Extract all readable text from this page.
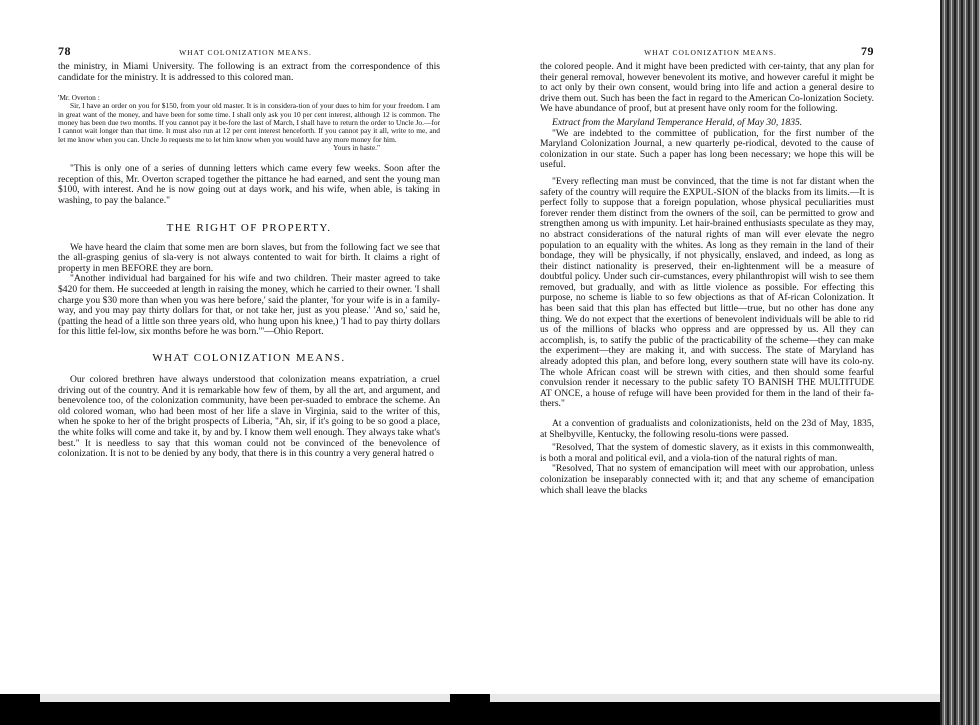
78	WHAT COLONIZATION MEANS.

the ministry, in Miami University. The following is an extract from the correspondence of this candidate for the ministry. It is addressed to this colored man.

'Mr. Overton :

Sir, I have an order on you for $150, from your old master. It is in considera-tion of your dues to him for your freedom. I am in great want of the money, and have been for some time. I shall only ask you 10 per cent interest, although 12 is common. The money has been due two months. If you cannot pay it be-fore the last of March, I shall have to return the order to Uncle Jo.—for I cannot wait longer than that time. It must also run at 12 per cent interest henceforth. If you cannot pay it all, write to me, and let me know when you can. Uncle Jo requests me to let him know when you would have any more money for him.

Yours in haste."

"This is only one of a series of dunning letters which came every few weeks. Soon after the reception of this, Mr. Overton scraped together the pittance he had earned, and sent the young man $100, with interest. And he is now going out at days work, and his wife, when able, is taking in washing, to pay the balance."

THE RIGHT OF PROPERTY.

We have heard the claim that some men are born slaves, but from the following fact we see that the all-grasping genius of sla-very is not always contented to wait for birth. It claims a right of property in men BEFORE they are born.

"Another individual had bargained for his wife and two children. Their master agreed to take $420 for them. He succeeded at length in raising the money, which he carried to their owner. 'I shall charge you $30 more than when you was here before,' said the planter, 'for your wife is in a family-way, and you may pay thirty dollars for that, or not take her, just as you please.' 'And so,' said he, (patting the head of a little son three years old, who hung upon his knee,) 'I had to pay thirty dollars for this little fel-low, six months before he was born.'"—Ohio Report.

WHAT COLONIZATION MEANS.

Our colored brethren have always understood that colonization means expatriation, a cruel driving out of the country. And it is remarkable how few of them, by all the art, and argument, and benevolence too, of the colonization community, have been per-suaded to embrace the scheme. An old colored woman, who had been most of her life a slave in Virginia, said to the writer of this, when he spoke to her of the bright prospects of Liberia, "Ah, sir, if it's going to be so good a place, the white folks will come and take it, by and by. I know them well enough. They always take what's best." It is needless to say that this woman could not be convinced of the benevolence of colonization. It is not to be denied by any body, that there is in this country a very general hatred o

WHAT COLONIZATION MEANS.	79

the colored people. And it might have been predicted with cer-tainty, that any plan for their general removal, however benevolent its motive, and however careful it might be to act only by their own consent, would bring into life and action a general desire to drive them out. Such has been the fact in regard to the American Co-lonization Society. We have abundance of proof, but at present have only room for the following.

Extract from the Maryland Temperance Herald, of May 30, 1835.

"We are indebted to the committee of publication, for the first number of the Maryland Colonization Journal, a new quarterly pe-riodical, devoted to the cause of colonization in our state. Such a paper has long been necessary; we hope this will be useful.

"Every reflecting man must be convinced, that the time is not far distant when the safety of the country will require the EXPUL-SION of the blacks from its limits.—It is perfect folly to suppose that a foreign population, whose physical peculiarities must forever render them distinct from the owners of the soil, can be permitted to grow and strengthen among us with impunity. Let hair-brained enthusiasts speculate as they may, no abstract considerations of the natural rights of man will ever elevate the negro population to an equality with the whites. As long as they remain in the land of their bondage, they will be physically, if not physically, enslaved, and indeed, as long as their distinct nationality is preserved, their en-lightenment will be a measure of doubtful policy. Under such cir-cumstances, every philanthropist will wish to see them removed, but gradually, and with as little violence as possible. For effecting this purpose, no scheme is liable to so few objections as that of Af-rican Colonization. It has been said that this plan has effected but little—true, but no other has done any thing. We do not expect that the exertions of benevolent individuals will be able to rid us of the millions of blacks who oppress and are oppressed by us. All they can accomplish, is, to satify the public of the practicability of the scheme—they can make the experiment—they are making it, and with success. The state of Maryland has already adopted this plan, and before long, every southern state will have its colo-ny. The whole African coast will be strewn with cities, and then should some fearful convulsion render it necessary to the public safety TO BANISH THE MULTITUDE AT ONCE, a house of refuge will have been provided for them in the land of their fa-thers."

At a convention of gradualists and colonizationists, held on the 23d of May, 1835, at Shelbyville, Kentucky, the following resolu-tions were passed.

"Resolved, That the system of domestic slavery, as it exists in this commonwealth, is both a moral and political evil, and a viola-tion of the natural rights of man.

"Resolved, That no system of emancipation will meet with our approbation, unless colonization be inseparably connected with it; and that any scheme of emancipation which shall leave the blacks
